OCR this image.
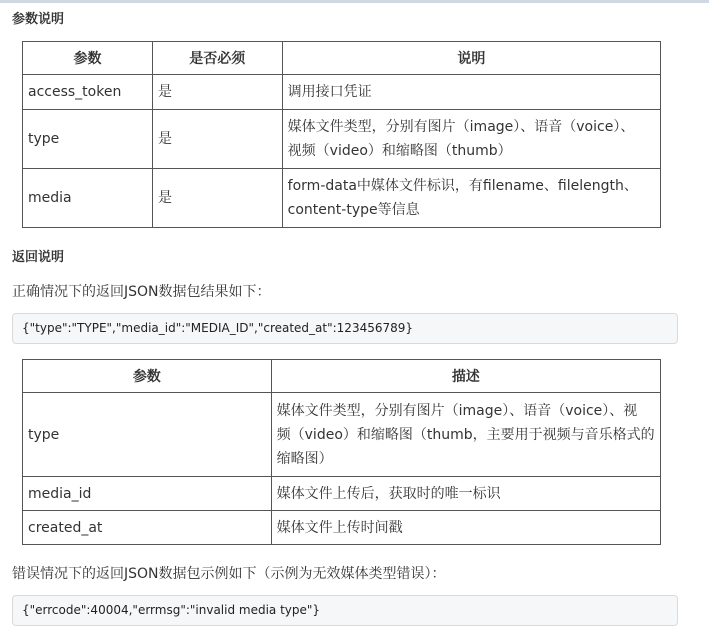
参数说明
参数	是否必须	说明
access_token	是	调用接口凭证
type	是	媒体文件类型，分别有图片（image）、语音（voice）、
视频（video）和缩略图（thumb）
media	是	form-data中媒体文件标识，有filename、filelength、
content-type等信息
返回说明
正确情况下的返回JSON数据包结果如下：
{"type":"TYPE","media_id":"MEDIA_ID","created_at":123456789}
参数	描述
type	媒体文件类型，分别有图片（image）、语音（voice）、视
频（video）和缩略图（thumb，主要用于视频与音乐格式的
缩略图）
media_id	媒体文件上传后，获取时的唯一标识
created_at	媒体文件上传时间戳
错误情况下的返回JSON数据包示例如下（示例为无效媒体类型错误）：
{"errcode":40004,"errmsg":"invalid media type"}
